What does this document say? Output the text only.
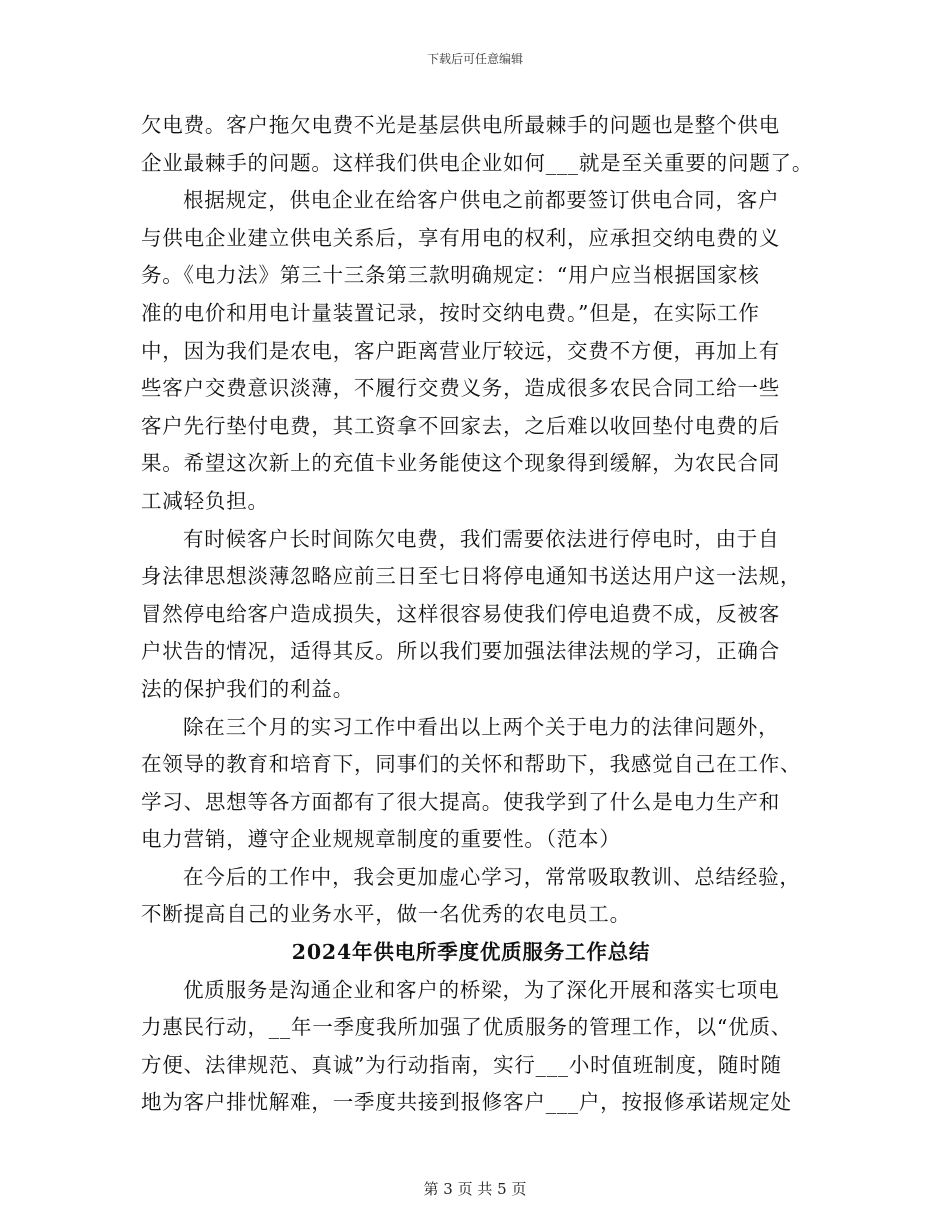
下载后可任意编辑
欠电费。客户拖欠电费不光是基层供电所最棘手的问题也是整个供电
企业最棘手的问题。这样我们供电企业如何___就是至关重要的问题了。
根据规定，供电企业在给客户供电之前都要签订供电合同，客户
与供电企业建立供电关系后，享有用电的权利，应承担交纳电费的义
务。《电力法》第三十三条第三款明确规定：“用户应当根据国家核
准的电价和用电计量装置记录，按时交纳电费。”但是，在实际工作
中，因为我们是农电，客户距离营业厅较远，交费不方便，再加上有
些客户交费意识淡薄，不履行交费义务，造成很多农民合同工给一些
客户先行垫付电费，其工资拿不回家去，之后难以收回垫付电费的后
果。希望这次新上的充值卡业务能使这个现象得到缓解，为农民合同
工减轻负担。
有时候客户长时间陈欠电费，我们需要依法进行停电时，由于自
身法律思想淡薄忽略应前三日至七日将停电通知书送达用户这一法规，
冒然停电给客户造成损失，这样很容易使我们停电追费不成，反被客
户状告的情况，适得其反。所以我们要加强法律法规的学习，正确合
法的保护我们的利益。
除在三个月的实习工作中看出以上两个关于电力的法律问题外，
在领导的教育和培育下，同事们的关怀和帮助下，我感觉自己在工作、
学习、思想等各方面都有了很大提高。使我学到了什么是电力生产和
电力营销，遵守企业规规章制度的重要性。（范本）
在今后的工作中，我会更加虚心学习，常常吸取教训、总结经验，
不断提高自己的业务水平，做一名优秀的农电员工。
2024年供电所季度优质服务工作总结
优质服务是沟通企业和客户的桥梁，为了深化开展和落实七项电
力惠民行动，__年一季度我所加强了优质服务的管理工作，以“优质、
方便、法律规范、真诚”为行动指南，实行___小时值班制度，随时随
地为客户排忧解难，一季度共接到报修客户___户，按报修承诺规定处
第 3 页 共 5 页
